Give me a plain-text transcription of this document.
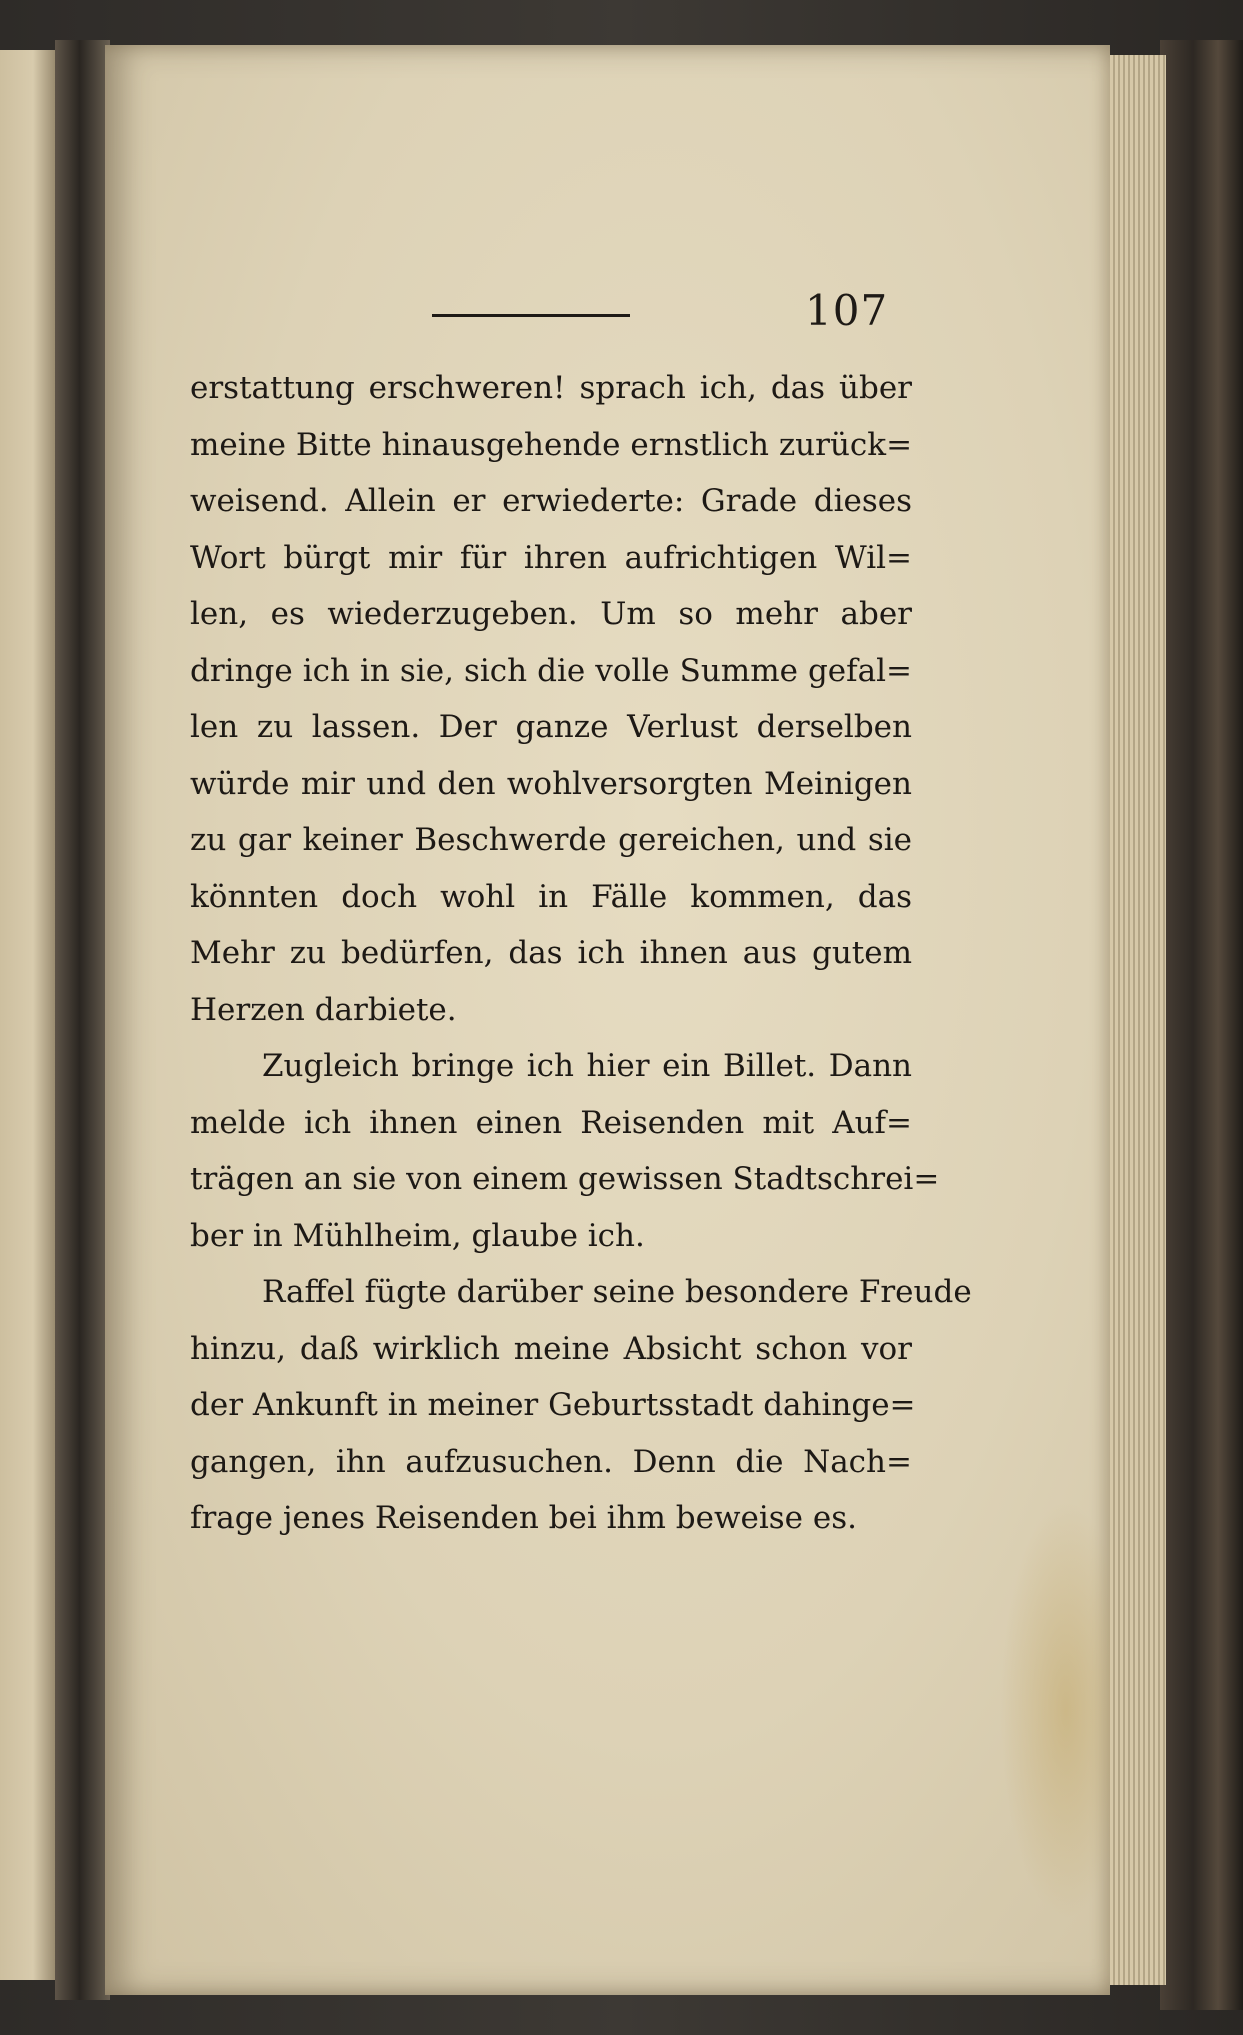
107

erstattung erschweren! sprach ich, das über
meine Bitte hinausgehende ernstlich zurück=
weisend. Allein er erwiederte: Grade dieses
Wort bürgt mir für ihren aufrichtigen Wil=
len, es wiederzugeben. Um so mehr aber
dringe ich in sie, sich die volle Summe gefal=
len zu lassen. Der ganze Verlust derselben
würde mir und den wohlversorgten Meinigen
zu gar keiner Beschwerde gereichen, und sie
könnten doch wohl in Fälle kommen, das
Mehr zu bedürfen, das ich ihnen aus gutem
Herzen darbiete.

Zugleich bringe ich hier ein Billet. Dann
melde ich ihnen einen Reisenden mit Auf=
trägen an sie von einem gewissen Stadtschrei=
ber in Mühlheim, glaube ich.

Raffel fügte darüber seine besondere Freude
hinzu, daß wirklich meine Absicht schon vor
der Ankunft in meiner Geburtsstadt dahinge=
gangen, ihn aufzusuchen. Denn die Nach=
frage jenes Reisenden bei ihm beweise es.
